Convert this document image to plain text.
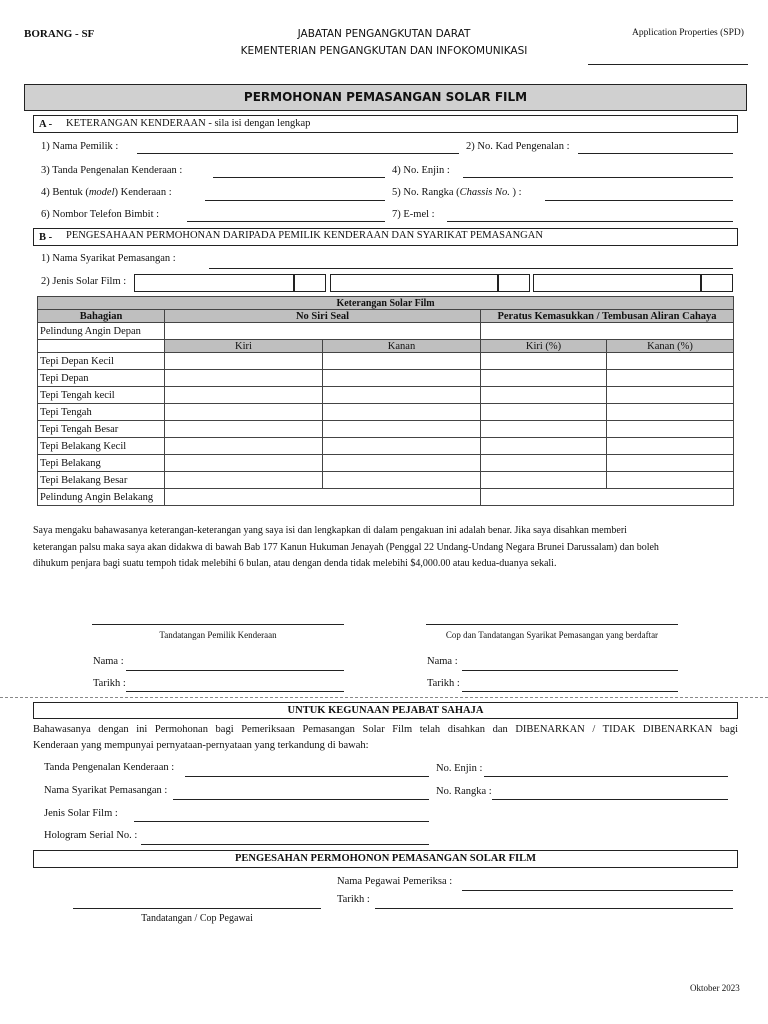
BORANG - SF	JABATAN PENGANGKUTAN DARAT
KEMENTERIAN PENGANGKUTAN DAN INFOKOMUNIKASI
Application Properties (SPD)
PERMOHONAN PEMASANGAN SOLAR FILM
A - KETERANGAN KENDERAAN - sila isi dengan lengkap
1) Nama Pemilik :	2) No. Kad Pengenalan :
3) Tanda Pengenalan Kenderaan :	4) No. Enjin :
4) Bentuk (model) Kenderaan :	5) No. Rangka (Chassis No. ) :
6) Nombor Telefon Bimbit :	7) E-mel :
B - PENGESAHAAN PERMOHONAN DARIPADA PEMILIK KENDERAAN DAN SYARIKAT PEMASANGAN
1) Nama Syarikat Pemasangan :
2) Jenis Solar Film :
Keterangan Solar Film				
Bahagian	No Siri Seal		Peratus Kemasukkan / Tembusan Aliran Cahaya	
Pelindung Angin Depan				
	Kiri	Kanan	Kiri (%)	Kanan (%)
Tepi Depan Kecil				
Tepi Depan				
Tepi Tengah kecil				
Tepi Tengah				
Tepi Tengah Besar				
Tepi Belakang Kecil				
Tepi Belakang				
Tepi Belakang Besar				
Pelindung Angin Belakang				
Saya mengaku bahawasanya keterangan-keterangan yang saya isi dan lengkapkan di dalam pengakuan ini adalah benar. Jika saya disahkan memberi
keterangan palsu maka saya akan didakwa di bawah Bab 177 Kanun Hukuman Jenayah (Penggal 22 Undang-Undang Negara Brunei Darussalam) dan boleh
dihukum penjara bagi suatu tempoh tidak melebihi 6 bulan, atau dengan denda tidak melebihi $4,000.00 atau kedua-duanya sekali.
Tandatangan Pemilik Kenderaan	Cop dan Tandatangan Syarikat Pemasangan yang berdaftar
Nama :	Nama :
Tarikh :	Tarikh :
UNTUK KEGUNAAN PEJABAT SAHAJA
Bahawasanya dengan ini Permohonan bagi Pemeriksaan Pemasangan Solar Film telah disahkan dan DIBENARKAN / TIDAK DIBENARKAN bagi
Kenderaan yang mempunyai pernyataan-pernyataan yang terkandung di bawah:
Tanda Pengenalan Kenderaan :	No. Enjin :
Nama Syarikat Pemasangan :	No. Rangka :
Jenis Solar Film :
Hologram Serial No. :
PENGESAHAN PERMOHONON PEMASANGAN SOLAR FILM
Nama Pegawai Pemeriksa :
Tarikh :
Tandatangan / Cop Pegawai
Oktober 2023
